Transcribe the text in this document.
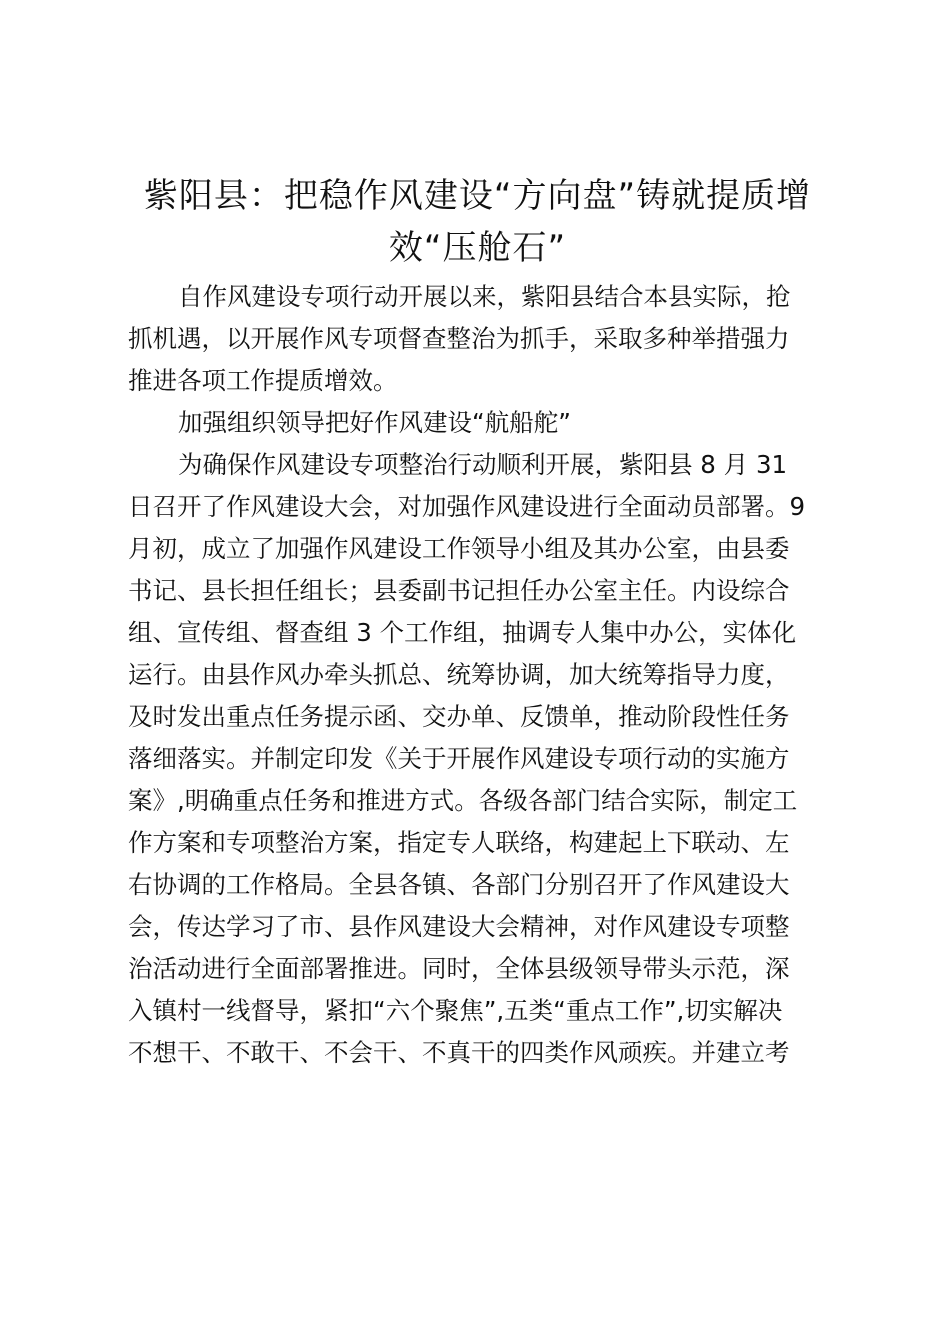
紫阳县：把稳作风建设“方向盘”铸就提质增
效“压舱石”
自作风建设专项行动开展以来，紫阳县结合本县实际，抢
抓机遇，以开展作风专项督查整治为抓手，采取多种举措强力
推进各项工作提质增效。
加强组织领导把好作风建设“航船舵”
为确保作风建设专项整治行动顺利开展，紫阳县 8 月 31
日召开了作风建设大会，对加强作风建设进行全面动员部署。9
月初，成立了加强作风建设工作领导小组及其办公室，由县委
书记、县长担任组长；县委副书记担任办公室主任。内设综合
组、宣传组、督查组 3 个工作组，抽调专人集中办公，实体化
运行。由县作风办牵头抓总、统筹协调，加大统筹指导力度，
及时发出重点任务提示函、交办单、反馈单，推动阶段性任务
落细落实。并制定印发《关于开展作风建设专项行动的实施方
案》,明确重点任务和推进方式。各级各部门结合实际，制定工
作方案和专项整治方案，指定专人联络，构建起上下联动、左
右协调的工作格局。全县各镇、各部门分别召开了作风建设大
会，传达学习了市、县作风建设大会精神，对作风建设专项整
治活动进行全面部署推进。同时，全体县级领导带头示范，深
入镇村一线督导，紧扣“六个聚焦”,五类“重点工作”,切实解决
不想干、不敢干、不会干、不真干的四类作风顽疾。并建立考
